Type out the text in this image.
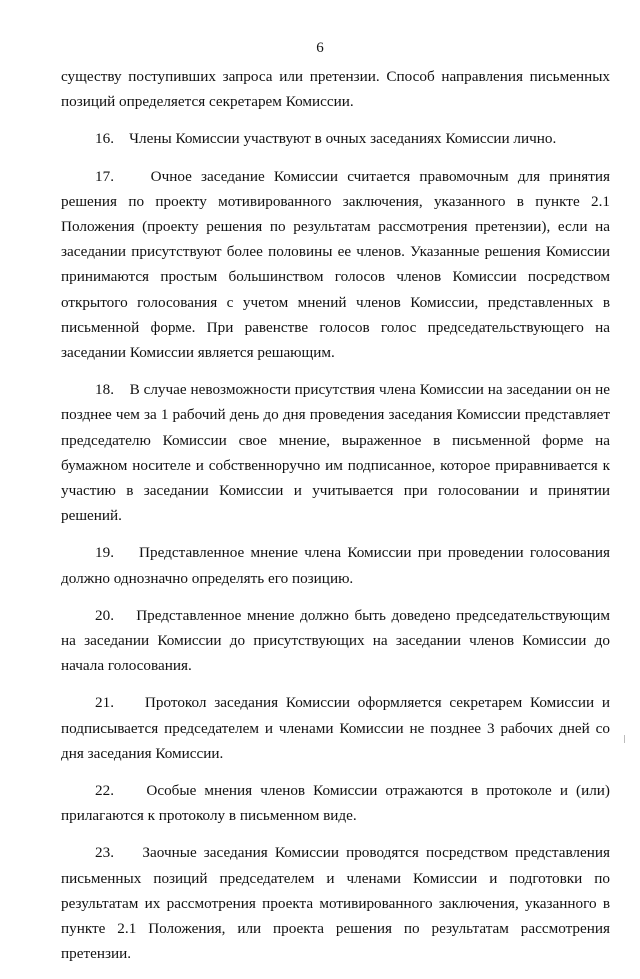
6

существу поступивших запроса или претензии. Способ направления письменных позиций определяется секретарем Комиссии.

16. Члены Комиссии участвуют в очных заседаниях Комиссии лично.

17. Очное заседание Комиссии считается правомочным для принятия решения по проекту мотивированного заключения, указанного в пункте 2.1 Положения (проекту решения по результатам рассмотрения претензии), если на заседании присутствуют более половины ее членов. Указанные решения Комиссии принимаются простым большинством голосов членов Комиссии посредством открытого голосования с учетом мнений членов Комиссии, представленных в письменной форме. При равенстве голосов голос председательствующего на заседании Комиссии является решающим.

18. В случае невозможности присутствия члена Комиссии на заседании он не позднее чем за 1 рабочий день до дня проведения заседания Комиссии представляет председателю Комиссии свое мнение, выраженное в письменной форме на бумажном носителе и собственноручно им подписанное, которое приравнивается к участию в заседании Комиссии и учитывается при голосовании и принятии решений.

19. Представленное мнение члена Комиссии при проведении голосования должно однозначно определять его позицию.

20. Представленное мнение должно быть доведено председательствующим на заседании Комиссии до присутствующих на заседании членов Комиссии до начала голосования.

21. Протокол заседания Комиссии оформляется секретарем Комиссии и подписывается председателем и членами Комиссии не позднее 3 рабочих дней со дня заседания Комиссии.

22. Особые мнения членов Комиссии отражаются в протоколе и (или) прилагаются к протоколу в письменном виде.

23. Заочные заседания Комиссии проводятся посредством представления письменных позиций председателем и членами Комиссии и подготовки по результатам их рассмотрения проекта мотивированного заключения, указанного в пункте 2.1 Положения, или проекта решения по результатам рассмотрения претензии.
